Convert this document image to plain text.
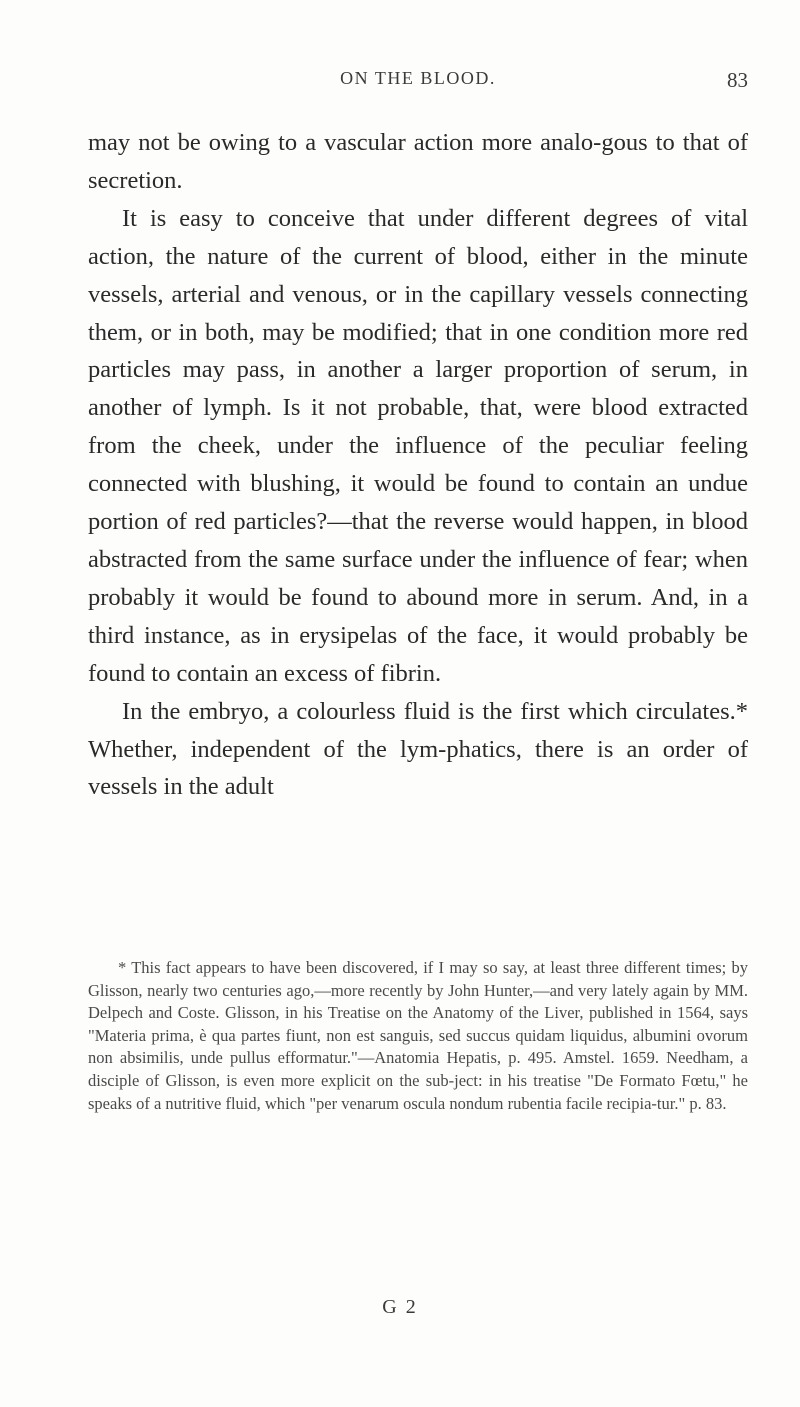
ON THE BLOOD.	83

may not be owing to a vascular action more analo-gous to that of secretion.

It is easy to conceive that under different degrees of vital action, the nature of the current of blood, either in the minute vessels, arterial and venous, or in the capillary vessels connecting them, or in both, may be modified; that in one condition more red particles may pass, in another a larger proportion of serum, in another of lymph. Is it not probable, that, were blood extracted from the cheek, under the influence of the peculiar feeling connected with blushing, it would be found to contain an undue portion of red particles?—that the reverse would happen, in blood abstracted from the same surface under the influence of fear; when probably it would be found to abound more in serum. And, in a third instance, as in erysipelas of the face, it would probably be found to contain an excess of fibrin.

In the embryo, a colourless fluid is the first which circulates.* Whether, independent of the lym-phatics, there is an order of vessels in the adult

* This fact appears to have been discovered, if I may so say, at least three different times; by Glisson, nearly two centuries ago,—more recently by John Hunter,—and very lately again by MM. Delpech and Coste. Glisson, in his Treatise on the Anatomy of the Liver, published in 1564, says "Materia prima, è qua partes fiunt, non est sanguis, sed succus quidam liquidus, albumini ovorum non absimilis, unde pullus efformatur."—Anatomia Hepatis, p. 495. Amstel. 1659. Needham, a disciple of Glisson, is even more explicit on the sub-ject: in his treatise "De Formato Fœtu," he speaks of a nutritive fluid, which "per venarum oscula nondum rubentia facile recipia-tur." p. 83.
G 2
